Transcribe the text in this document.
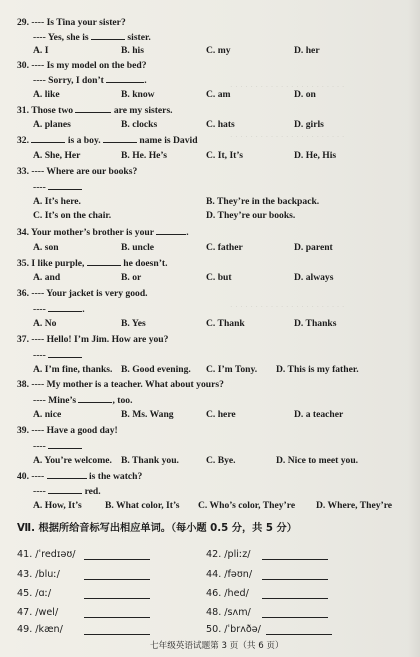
. . . . . . . . . . . . . . . . . . . . . . .
. . . . . . . . . . . . . . . . . . . . . . .
. . . . . . . . . . . . . . . . . . . . . . .
29. ---- Is Tina your sister?
---- Yes, she is	sister.
A. I	B. his	C. my	D. her
30. ---- Is my model on the bed?
---- Sorry, I don’t	.
A. like	B. know	C. am	D. on
31. Those two	are my sisters.
A. planes	B. clocks	C. hats	D. girls
32.	is a boy.	name is David
A. She, Her	B. He. He’s	C. It, It’s	D. He, His
33. ---- Where are our books?
----
A. It’s here.	B. They’re in the backpack.
C. It’s on the chair.	D. They’re our books.
34. Your mother’s brother is your	.
A. son	B. uncle	C. father	D. parent
35. I like purple,	he doesn’t.
A. and	B. or	C. but	D. always
36. ---- Your jacket is very good.
----	.
A. No	B. Yes	C. Thank	D. Thanks
37. ---- Hello! I’m Jim. How are you?
----
A. I’m fine, thanks. B. Good evening. C. I’m Tony. D. This is my father.
38. ---- My mother is a teacher. What about yours?
---- Mine’s	, too.
A. nice	B. Ms. Wang	C. here	D. a teacher
39. ---- Have a good day!
----
A. You’re welcome. B. Thank you.	C. Bye.	D. Nice to meet you.
40. ----	is the watch?
----	red.
A. How, It’s B. What color, It’s C. Who’s color, They’re D. Where, They’re
Ⅶ. 根据所给音标写出相应单词。（每小题 0.5 分，共 5 分）
41. /ˈredɪəʊ/	42. /pliːz/
43. /bluː/	44. /fəʊn/
45. /ɑː/	46. /hed/
47. /wel/	48. /sʌm/
49. /kæn/	50. /ˈbrʌðə/
七年级英语试题第 3 页（共 6 页）
